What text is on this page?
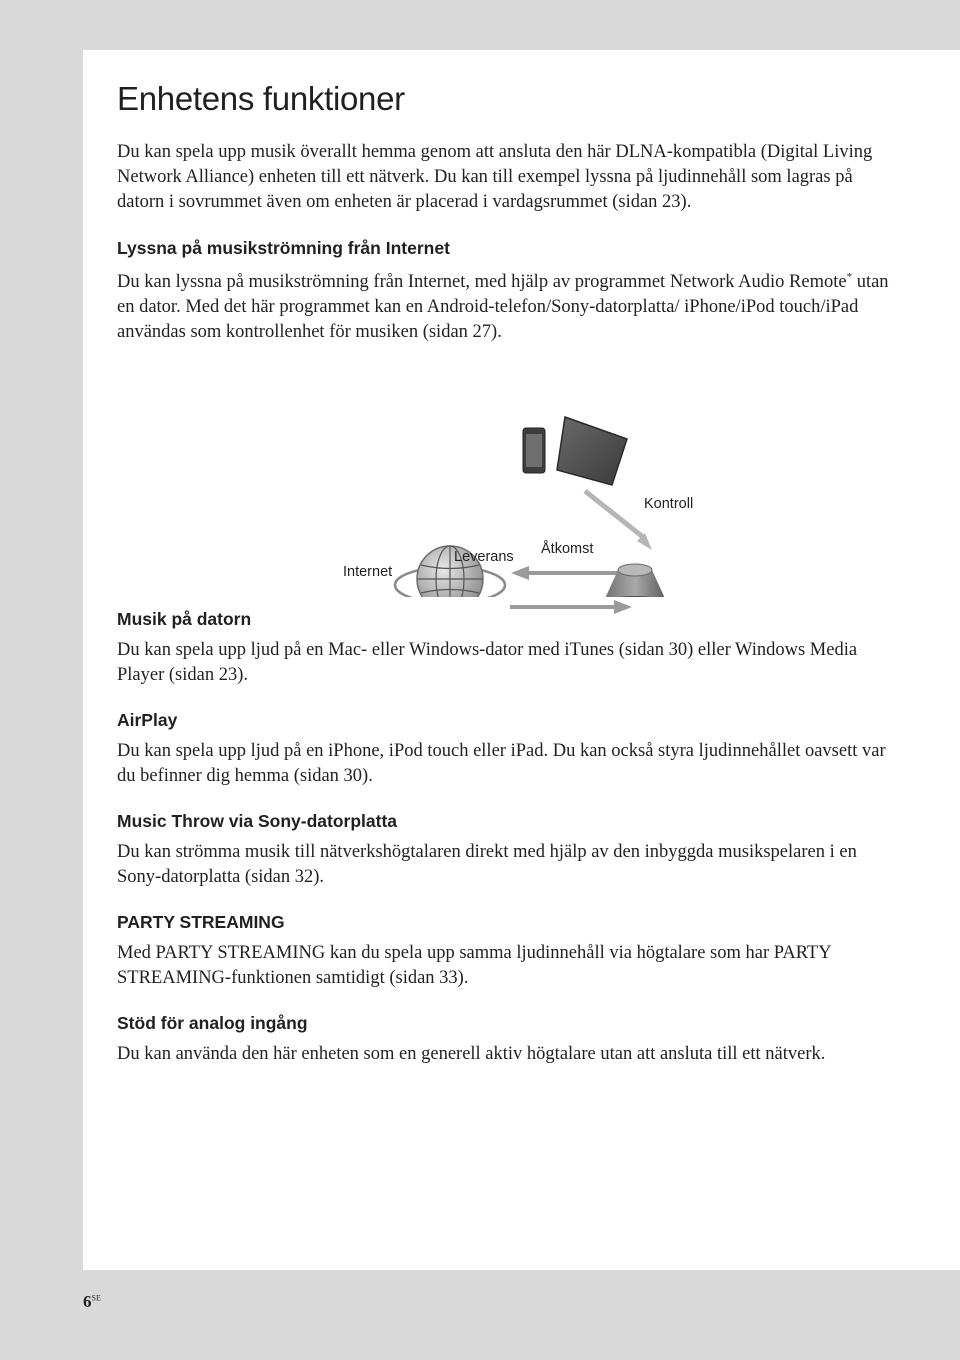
Enhetens funktioner

Du kan spela upp musik överallt hemma genom att ansluta den här DLNA-kompatibla (Digital Living Network Alliance) enheten till ett nätverk. Du kan till exempel lyssna på ljudinnehåll som lagras på datorn i sovrummet även om enheten är placerad i vardagsrummet (sidan 23).

Lyssna på musikströmning från Internet

Du kan lyssna på musikströmning från Internet, med hjälp av programmet Network Audio Remote* utan en dator. Med det här programmet kan en Android-telefon/Sony-datorplatta/ iPhone/iPod touch/iPad användas som kontrollenhet för musiken (sidan 27).

Musik på datorn

Du kan spela upp ljud på en Mac- eller Windows-dator med iTunes (sidan 30) eller Windows Media Player (sidan 23).

AirPlay

Du kan spela upp ljud på en iPhone, iPod touch eller iPad. Du kan också styra ljudinnehållet oavsett var du befinner dig hemma (sidan 30).

Music Throw via Sony-datorplatta

Du kan strömma musik till nätverkshögtalaren direkt med hjälp av den inbyggda musikspelaren i en Sony-datorplatta (sidan 32).

PARTY STREAMING

Med PARTY STREAMING kan du spela upp samma ljudinnehåll via högtalare som har PARTY STREAMING-funktionen samtidigt (sidan 33).

Stöd för analog ingång

Du kan använda den här enheten som en generell aktiv högtalare utan att ansluta till ett nätverk.

Kontroll
Åtkomst
Leverans
Internet
$6^{SE}$
